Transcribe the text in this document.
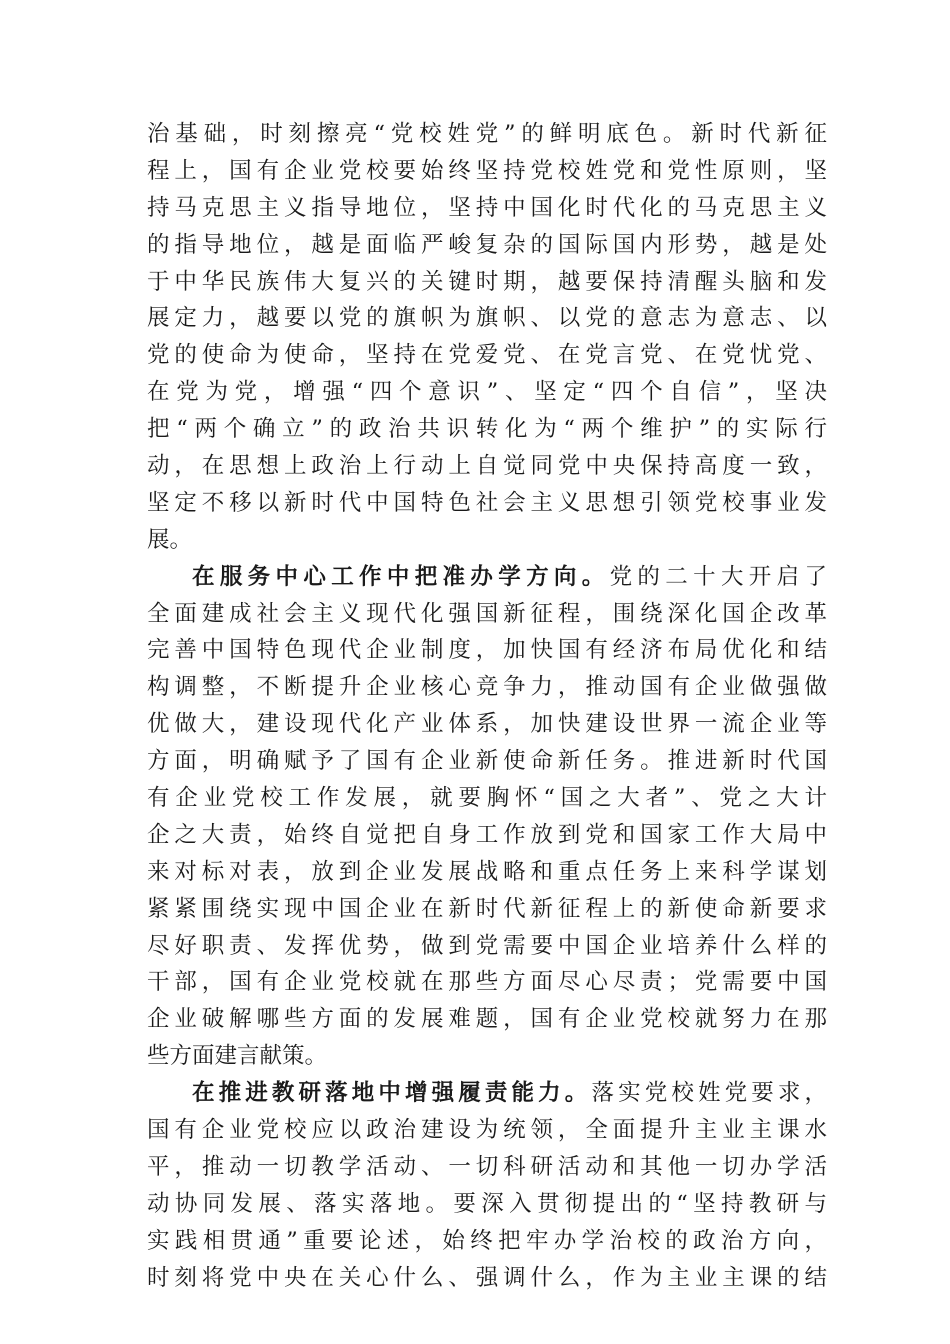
治基础，时刻擦亮“党校姓党”的鲜明底色。新时代新征
程上，国有企业党校要始终坚持党校姓党和党性原则，坚
持马克思主义指导地位，坚持中国化时代化的马克思主义
的指导地位，越是面临严峻复杂的国际国内形势，越是处
于中华民族伟大复兴的关键时期，越要保持清醒头脑和发
展定力，越要以党的旗帜为旗帜、以党的意志为意志、以
党的使命为使命，坚持在党爱党、在党言党、在党忧党、
在党为党，增强“四个意识”、坚定“四个自信”，坚决
把“两个确立”的政治共识转化为“两个维护”的实际行
动，在思想上政治上行动上自觉同党中央保持高度一致，
坚定不移以新时代中国特色社会主义思想引领党校事业发
展。
在服务中心工作中把准办学方向。党的二十大开启了
全面建成社会主义现代化强国新征程，围绕深化国企改革
完善中国特色现代企业制度，加快国有经济布局优化和结
构调整，不断提升企业核心竞争力，推动国有企业做强做
优做大，建设现代化产业体系，加快建设世界一流企业等
方面，明确赋予了国有企业新使命新任务。推进新时代国
有企业党校工作发展，就要胸怀“国之大者”、党之大计
企之大责，始终自觉把自身工作放到党和国家工作大局中
来对标对表，放到企业发展战略和重点任务上来科学谋划
紧紧围绕实现中国企业在新时代新征程上的新使命新要求
尽好职责、发挥优势，做到党需要中国企业培养什么样的
干部，国有企业党校就在那些方面尽心尽责；党需要中国
企业破解哪些方面的发展难题，国有企业党校就努力在那
些方面建言献策。
在推进教研落地中增强履责能力。落实党校姓党要求，
国有企业党校应以政治建设为统领，全面提升主业主课水
平，推动一切教学活动、一切科研活动和其他一切办学活
动协同发展、落实落地。要深入贯彻提出的“坚持教研与
实践相贯通”重要论述，始终把牢办学治校的政治方向，
时刻将党中央在关心什么、强调什么，作为主业主课的结
